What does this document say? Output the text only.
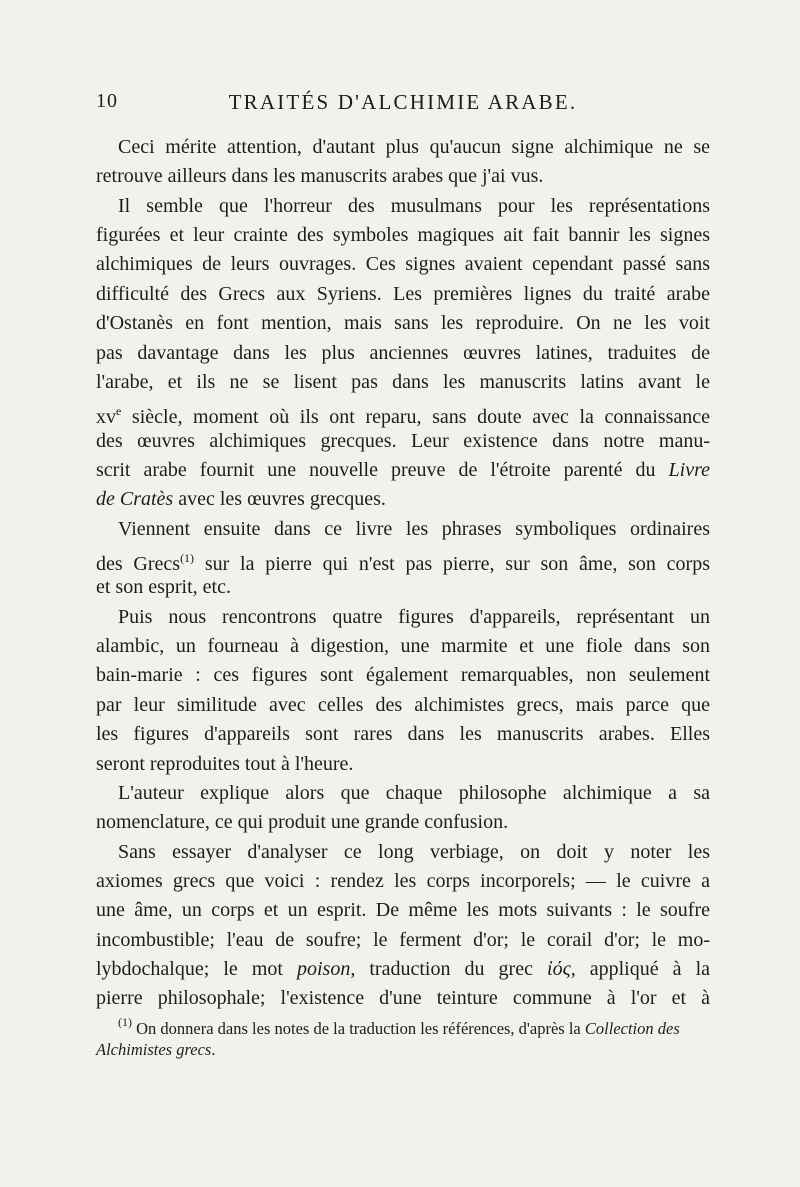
10	TRAITÉS D'ALCHIMIE ARABE.
Ceci mérite attention, d'autant plus qu'aucun signe alchimique ne se
retrouve ailleurs dans les manuscrits arabes que j'ai vus.
Il semble que l'horreur des musulmans pour les représentations
figurées et leur crainte des symboles magiques ait fait bannir les signes
alchimiques de leurs ouvrages. Ces signes avaient cependant passé sans
difficulté des Grecs aux Syriens. Les premières lignes du traité arabe
d'Ostanès en font mention, mais sans les reproduire. On ne les voit
pas davantage dans les plus anciennes œuvres latines, traduites de
l'arabe, et ils ne se lisent pas dans les manuscrits latins avant le
$xv^e$ siècle, moment où ils ont reparu, sans doute avec la connaissance
des œuvres alchimiques grecques. Leur existence dans notre manu-
scrit arabe fournit une nouvelle preuve de l'étroite parenté du Livre
de Cratès avec les œuvres grecques.
Viennent ensuite dans ce livre les phrases symboliques ordinaires
des Grecs$^{(1)}$ sur la pierre qui n'est pas pierre, sur son âme, son corps
et son esprit, etc.
Puis nous rencontrons quatre figures d'appareils, représentant un
alambic, un fourneau à digestion, une marmite et une fiole dans son
bain-marie : ces figures sont également remarquables, non seulement
par leur similitude avec celles des alchimistes grecs, mais parce que
les figures d'appareils sont rares dans les manuscrits arabes. Elles
seront reproduites tout à l'heure.
L'auteur explique alors que chaque philosophe alchimique a sa
nomenclature, ce qui produit une grande confusion.
Sans essayer d'analyser ce long verbiage, on doit y noter les
axiomes grecs que voici : rendez les corps incorporels; — le cuivre a
une âme, un corps et un esprit. De même les mots suivants : le soufre
incombustible; l'eau de soufre; le ferment d'or; le corail d'or; le mo-
lybdochalque; le mot poison, traduction du grec ἰός, appliqué à la
pierre philosophale; l'existence d'une teinture commune à l'or et à
$^{(1)}$ On donnera dans les notes de la traduction les références, d'après la Collection des
Alchimistes grecs.
